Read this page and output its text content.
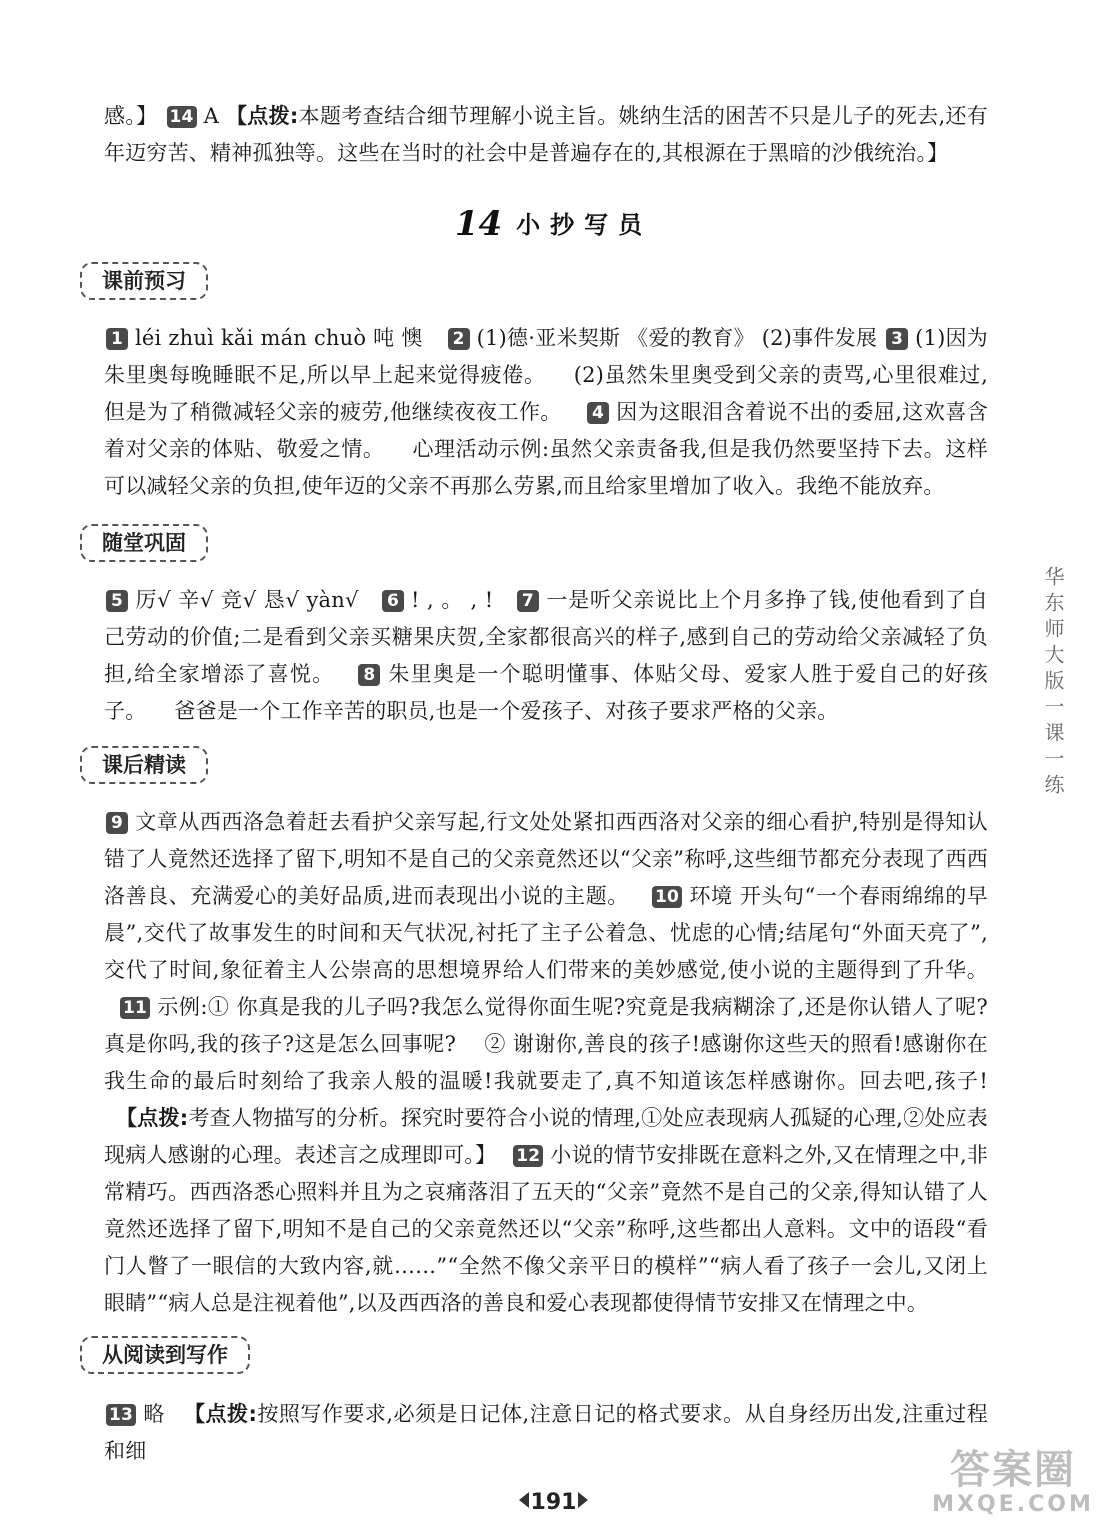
感。】 14 A 【点拨:本题考查结合细节理解小说主旨。姚纳生活的困苦不只是儿子的死去,还有年迈穷苦、精神孤独等。这些在当时的社会中是普遍存在的,其根源在于黑暗的沙俄统治。】

14 小抄写员
课前预习

1 léi zhuì kǎi mán chuò 吨 懊 2 (1)德·亚米契斯 《爱的教育》 (2)事件发展 3 (1)因为朱里奥每晚睡眠不足,所以早上起来觉得疲倦。 (2)虽然朱里奥受到父亲的责骂,心里很难过,但是为了稍微减轻父亲的疲劳,他继续夜夜工作。 4 因为这眼泪含着说不出的委屈,这欢喜含着对父亲的体贴、敬爱之情。 心理活动示例:虽然父亲责备我,但是我仍然要坚持下去。这样可以减轻父亲的负担,使年迈的父亲不再那么劳累,而且给家里增加了收入。我绝不能放弃。

随堂巩固

5 厉√ 辛√ 竞√ 恳√ yàn√ 6 ! , 。 , ! 7 一是听父亲说比上个月多挣了钱,使他看到了自己劳动的价值;二是看到父亲买糖果庆贺,全家都很高兴的样子,感到自己的劳动给父亲减轻了负担,给全家增添了喜悦。 8 朱里奥是一个聪明懂事、体贴父母、爱家人胜于爱自己的好孩子。 爸爸是一个工作辛苦的职员,也是一个爱孩子、对孩子要求严格的父亲。

课后精读

9 文章从西西洛急着赶去看护父亲写起,行文处处紧扣西西洛对父亲的细心看护,特别是得知认错了人竟然还选择了留下,明知不是自己的父亲竟然还以“父亲”称呼,这些细节都充分表现了西西洛善良、充满爱心的美好品质,进而表现出小说的主题。 10 环境 开头句“一个春雨绵绵的早晨”,交代了故事发生的时间和天气状况,衬托了主子公着急、忧虑的心情;结尾句“外面天亮了”,交代了时间,象征着主人公崇高的思想境界给人们带来的美妙感觉,使小说的主题得到了升华。 11 示例:① 你真是我的儿子吗?我怎么觉得你面生呢?究竟是我病糊涂了,还是你认错人了呢?真是你吗,我的孩子?这是怎么回事呢? ② 谢谢你,善良的孩子!感谢你这些天的照看!感谢你在我生命的最后时刻给了我亲人般的温暖!我就要走了,真不知道该怎样感谢你。回去吧,孩子! 【点拨:考查人物描写的分析。探究时要符合小说的情理,①处应表现病人孤疑的心理,②处应表现病人感谢的心理。表述言之成理即可。】 12 小说的情节安排既在意料之外,又在情理之中,非常精巧。西西洛悉心照料并且为之哀痛落泪了五天的“父亲”竟然不是自己的父亲,得知认错了人竟然还选择了留下,明知不是自己的父亲竟然还以“父亲”称呼,这些都出人意料。文中的语段“看门人瞥了一眼信的大致内容,就……”“全然不像父亲平日的模样”“病人看了孩子一会儿,又闭上眼睛”“病人总是注视着他”,以及西西洛的善良和爱心表现都使得情节安排又在情理之中。

从阅读到写作

13 略 【点拨:按照写作要求,必须是日记体,注意日记的格式要求。从自身经历出发,注重过程和细

华东师大版一课一练
191
答案圈
MXQE.COM
